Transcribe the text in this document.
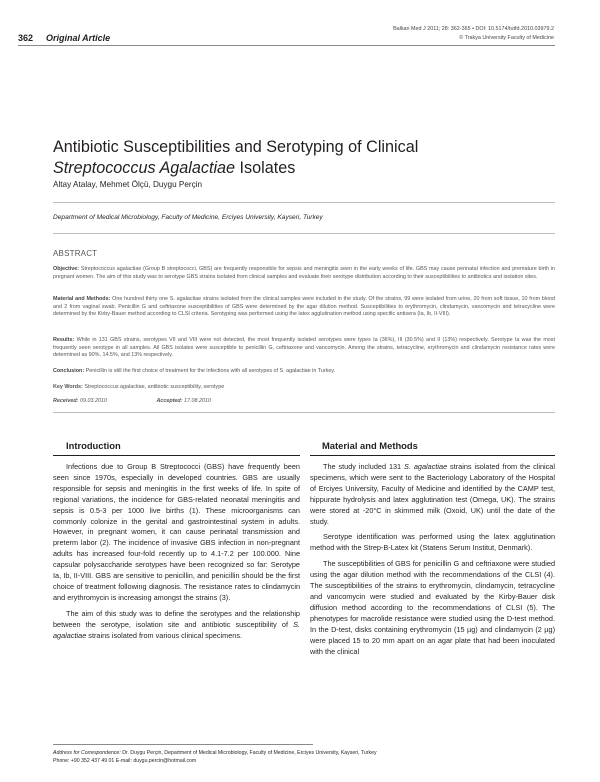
362 Original Article
Balkan Med J 2011; 28: 362-365 • DOI: 10.5174/tutfd.2010.03979.2
© Trakya University Faculty of Medicine
Antibiotic Susceptibilities and Serotyping of Clinical
Streptococcus Agalactiae Isolates
Altay Atalay, Mehmet Ölçü, Duygu Perçin
Department of Medical Microbiology, Faculty of Medicine, Erciyes University, Kayseri, Turkey
ABSTRACT
Objective: Streptococcus agalactiae (Group B streptococci, GBS) are frequently responsible for sepsis and meningitis seen in the early weeks of life. GBS may cause perinatal infection and premature birth in pregnant women. The aim of this study was to serotype GBS strains isolated from clinical samples and evaluate their serotype distribution according to their susceptibilities to antibiotics and isolation sites.
Material and Methods: One hundred thirty one S. agalactiae strains isolated from the clinical samples were included in the study. Of the strains, 99 were isolated from urine, 20 from soft tissue, 10 from blood and 2 from vaginal swab. Penicillin G and ceftriaxone susceptibilities of GBS were determined by the agar dilution method. Susceptibilities to erythromycin, clindamycin, vancomycin and tetracycline were determined by the Kirby-Bauer method according to CLSI criteria. Serotyping was performed using the latex agglutination method using specific antisera (Ia, Ib, II-VIII).
Results: While in 131 GBS strains, serotypes VII and VIII were not detected, the most frequently isolated serotypes were types Ia (36%), III (30.5%) and II (13%) respectively. Serotype Ia was the most frequently seen serotype in all samples. All GBS isolates were susceptible to penicillin G, ceftriaxone and vancomycin. Among the strains, tetracycline, erythromycin and clindamycin resistance rates were determined as 90%, 14.5%, and 13% respectively.
Conclusion: Penicillin is still the first choice of treatment for the infections with all serotypes of S. agalactiae in Turkey.
Key Words: Streptococcus agalactiae, antibiotic susceptibility, serotype
Received: 09.03.2010	Accepted: 17.08.2010
Introduction	Material and Methods

Infections due to Group B Streptococci (GBS) have frequently been seen since 1970s, especially in developed countries. GBS are usually responsible for sepsis and meningitis in the first weeks of life. In spite of regional variations, the incidence for GBS-related neonatal meningitis and sepsis is 0.5-3 per 1000 live births (1). These microorganisms can commonly colonize in the genital and gastrointestinal system in adults. However, in pregnant women, it can cause perinatal transmission and preterm labor (2). The incidence of invasive GBS infection in non-pregnant adults has increased four-fold recently up to 4.1-7.2 per 100.000. Nine capsular polysaccharide serotypes have been recognized so far: Serotype Ia, Ib, II-VIII. GBS are sensitive to penicillin, and penicillin should be the first choice of treatment following diagnosis. The resistance rates to clindamycin and erythromycin is increasing amongst the strains (3).

The aim of this study was to define the serotypes and the relationship between the serotype, isolation site and antibiotic susceptibility of S. agalactiae strains isolated from various clinical specimens.

The study included 131 S. agalactiae strains isolated from the clinical specimens, which were sent to the Bacteriology Laboratory of the Hospital of Erciyes University, Faculty of Medicine and identified by the CAMP test, hippurate hydrolysis and latex agglutination test (Omega, UK). The strains were stored at -20°C in skimmed milk (Oxoid, UK) until the date of the study.

Serotype identification was performed using the latex agglutination method with the Strep-B-Latex kit (Statens Serum Institut, Denmark).

The susceptibilities of GBS for penicillin G and ceftriaxone were studied using the agar dilution method with the recommendations of the CLSI (4). The susceptibilities of the strains to erythromycin, clindamycin, tetracycline and vancomycin were studied and evaluated by the Kirby-Bauer disk diffusion method according to the recommendations of CLSI (5). The phenotypes for macrolide resistance were studied using the D-test method. In the D-test, disks containing erythromycin (15 µg) and clindamycin (2 µg) were placed 15 to 20 mm apart on an agar plate that had been inoculated with the clinical

Address for Correspondence: Dr. Duygu Perçin, Department of Medical Microbiology, Faculty of Medicine, Erciyes University, Kayseri, Turkey
Phone: +90 352 437 49 01 E-mail: duygu.percin@hotmail.com
